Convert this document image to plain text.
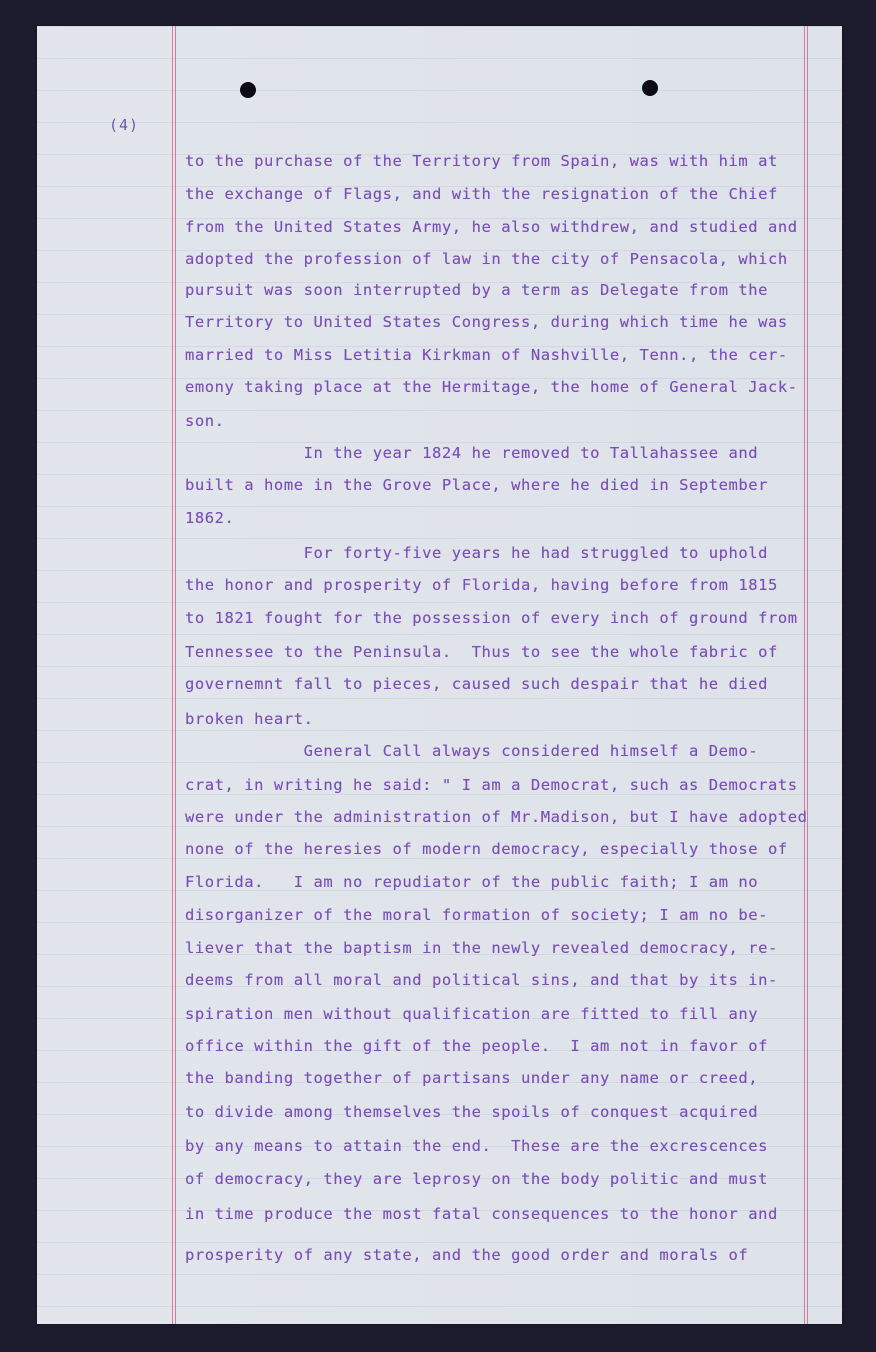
(4)
to the purchase of the Territory from Spain, was with him at
the exchange of Flags, and with the resignation of the Chief
from the United States Army, he also withdrew, and studied and
adopted the profession of law in the city of Pensacola, which
pursuit was soon interrupted by a term as Delegate from the
Territory to United States Congress, during which time he was
married to Miss Letitia Kirkman of Nashville, Tenn., the cer-
emony taking place at the Hermitage, the home of General Jack-
son.
In the year 1824 he removed to Tallahassee and
built a home in the Grove Place, where he died in September
1862.
For forty-five years he had struggled to uphold
the honor and prosperity of Florida, having before from 1815
to 1821 fought for the possession of every inch of ground from
Tennessee to the Peninsula.  Thus to see the whole fabric of
governemnt fall to pieces, caused such despair that he died
broken heart.
General Call always considered himself a Demo-
crat, in writing he said: " I am a Democrat, such as Democrats
were under the administration of Mr.Madison, but I have adopted
none of the heresies of modern democracy, especially those of
Florida.   I am no repudiator of the public faith; I am no
disorganizer of the moral formation of society; I am no be-
liever that the baptism in the newly revealed democracy, re-
deems from all moral and political sins, and that by its in-
spiration men without qualification are fitted to fill any
office within the gift of the people.  I am not in favor of
the banding together of partisans under any name or creed,
to divide among themselves the spoils of conquest acquired
by any means to attain the end.  These are the excrescences
of democracy, they are leprosy on the body politic and must
in time produce the most fatal consequences to the honor and
prosperity of any state, and the good order and morals of
